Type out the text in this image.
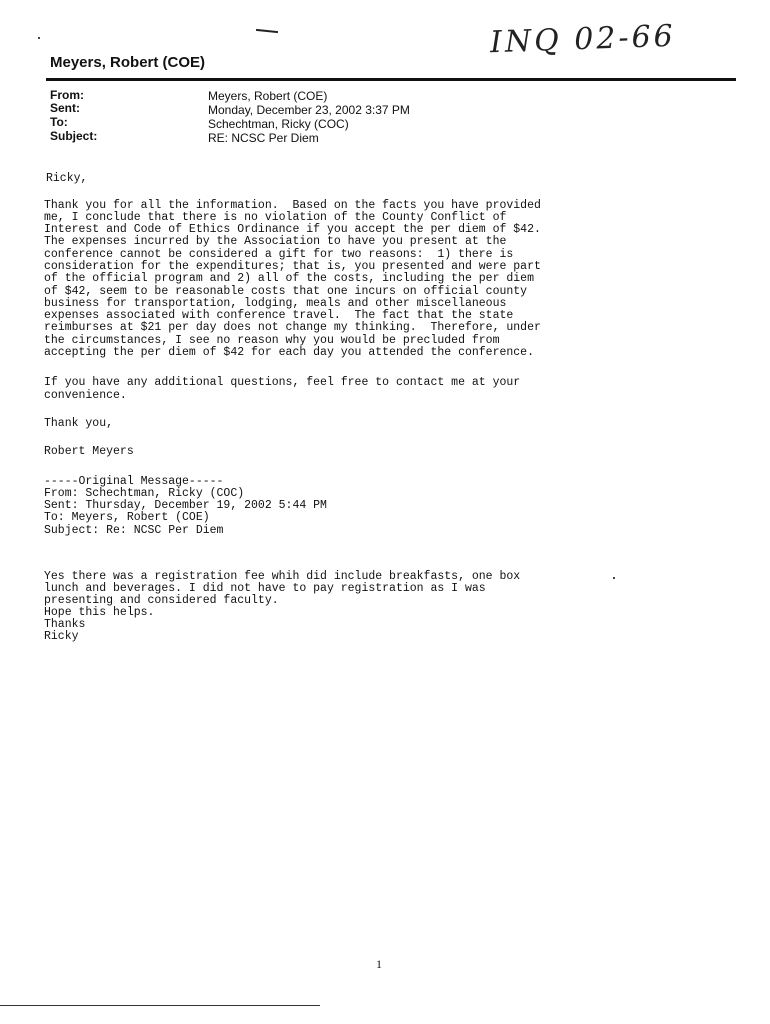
INQ 02-66
Meyers, Robert (COE)
From:	Meyers, Robert (COE)
Sent:	Monday, December 23, 2002 3:37 PM
To:	Schechtman, Ricky (COC)
Subject:	RE: NCSC Per Diem
Ricky,
Thank you for all the information.  Based on the facts you have provided
me, I conclude that there is no violation of the County Conflict of
Interest and Code of Ethics Ordinance if you accept the per diem of $42.
The expenses incurred by the Association to have you present at the
conference cannot be considered a gift for two reasons:  1) there is
consideration for the expenditures; that is, you presented and were part
of the official program and 2) all of the costs, including the per diem
of $42, seem to be reasonable costs that one incurs on official county
business for transportation, lodging, meals and other miscellaneous
expenses associated with conference travel.  The fact that the state
reimburses at $21 per day does not change my thinking.  Therefore, under
the circumstances, I see no reason why you would be precluded from
accepting the per diem of $42 for each day you attended the conference.
If you have any additional questions, feel free to contact me at your
convenience.
Thank you,
Robert Meyers
-----Original Message-----
From: Schechtman, Ricky (COC)
Sent: Thursday, December 19, 2002 5:44 PM
To: Meyers, Robert (COE)
Subject: Re: NCSC Per Diem
Yes there was a registration fee whih did include breakfasts, one box
lunch and beverages. I did not have to pay registration as I was
presenting and considered faculty.
Hope this helps.
Thanks
Ricky
1
